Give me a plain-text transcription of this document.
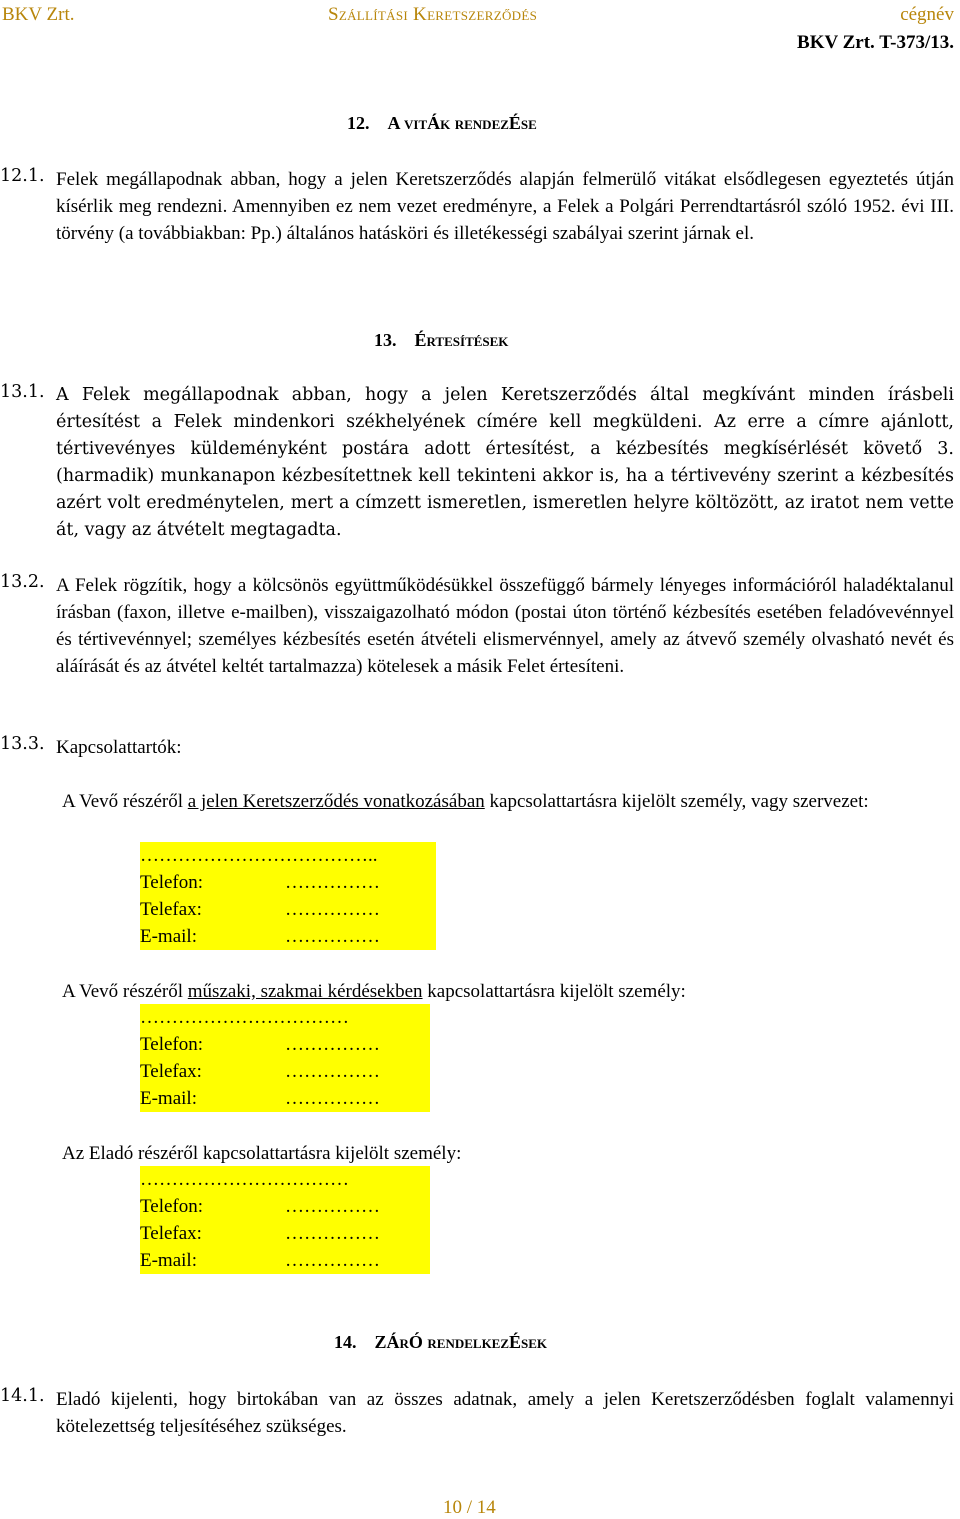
BKV Zrt.	Szállítási Keretszerződés	cégnév
BKV Zrt. T-373/13.
12. A vitÁk rendezÉse
12.1. Felek megállapodnak abban, hogy a jelen Keretszerződés alapján felmerülő vitákat elsődlegesen egyeztetés útján kísérlik meg rendezni. Amennyiben ez nem vezet eredményre, a Felek a Polgári Perrendtartásról szóló 1952. évi III. törvény (a továbbiakban: Pp.) általános hatásköri és illetékességi szabályai szerint járnak el.
13. Értesítések
13.1. A Felek megállapodnak abban, hogy a jelen Keretszerződés által megkívánt minden írásbeli értesítést a Felek mindenkori székhelyének címére kell megküldeni. Az erre a címre ajánlott, tértivevényes küldeményként postára adott értesítést, a kézbesítés megkísérlését követő 3. (harmadik) munkanapon kézbesítettnek kell tekinteni akkor is, ha a tértivevény szerint a kézbesítés azért volt eredménytelen, mert a címzett ismeretlen, ismeretlen helyre költözött, az iratot nem vette át, vagy az átvételt megtagadta.
13.2. A Felek rögzítik, hogy a kölcsönös együttműködésükkel összefüggő bármely lényeges információról haladéktalanul írásban (faxon, illetve e-mailben), visszaigazolható módon (postai úton történő kézbesítés esetében feladóvevénnyel és tértivevénnyel; személyes kézbesítés esetén átvételi elismervénnyel, amely az átvevő személy olvasható nevét és aláírását és az átvétel keltét tartalmazza) kötelesek a másik Felet értesíteni.
13.3. Kapcsolattartók:
A Vevő részéről a jelen Keretszerződés vonatkozásában kapcsolattartásra kijelölt személy, vagy szervezet:
………………………………..
Telefon:	……………
Telefax:	……………
E-mail:	……………
A Vevő részéről műszaki, szakmai kérdésekben kapcsolattartásra kijelölt személy:
……………………………
Telefon:	……………
Telefax:	……………
E-mail:	……………
Az Eladó részéről kapcsolattartásra kijelölt személy:
……………………………
Telefon:	……………
Telefax:	……………
E-mail:	……………
14. ZÁrÓ rendelkezÉsek
14.1. Eladó kijelenti, hogy birtokában van az összes adatnak, amely a jelen Keretszerződésben foglalt valamennyi kötelezettség teljesítéséhez szükséges.
10 / 14
